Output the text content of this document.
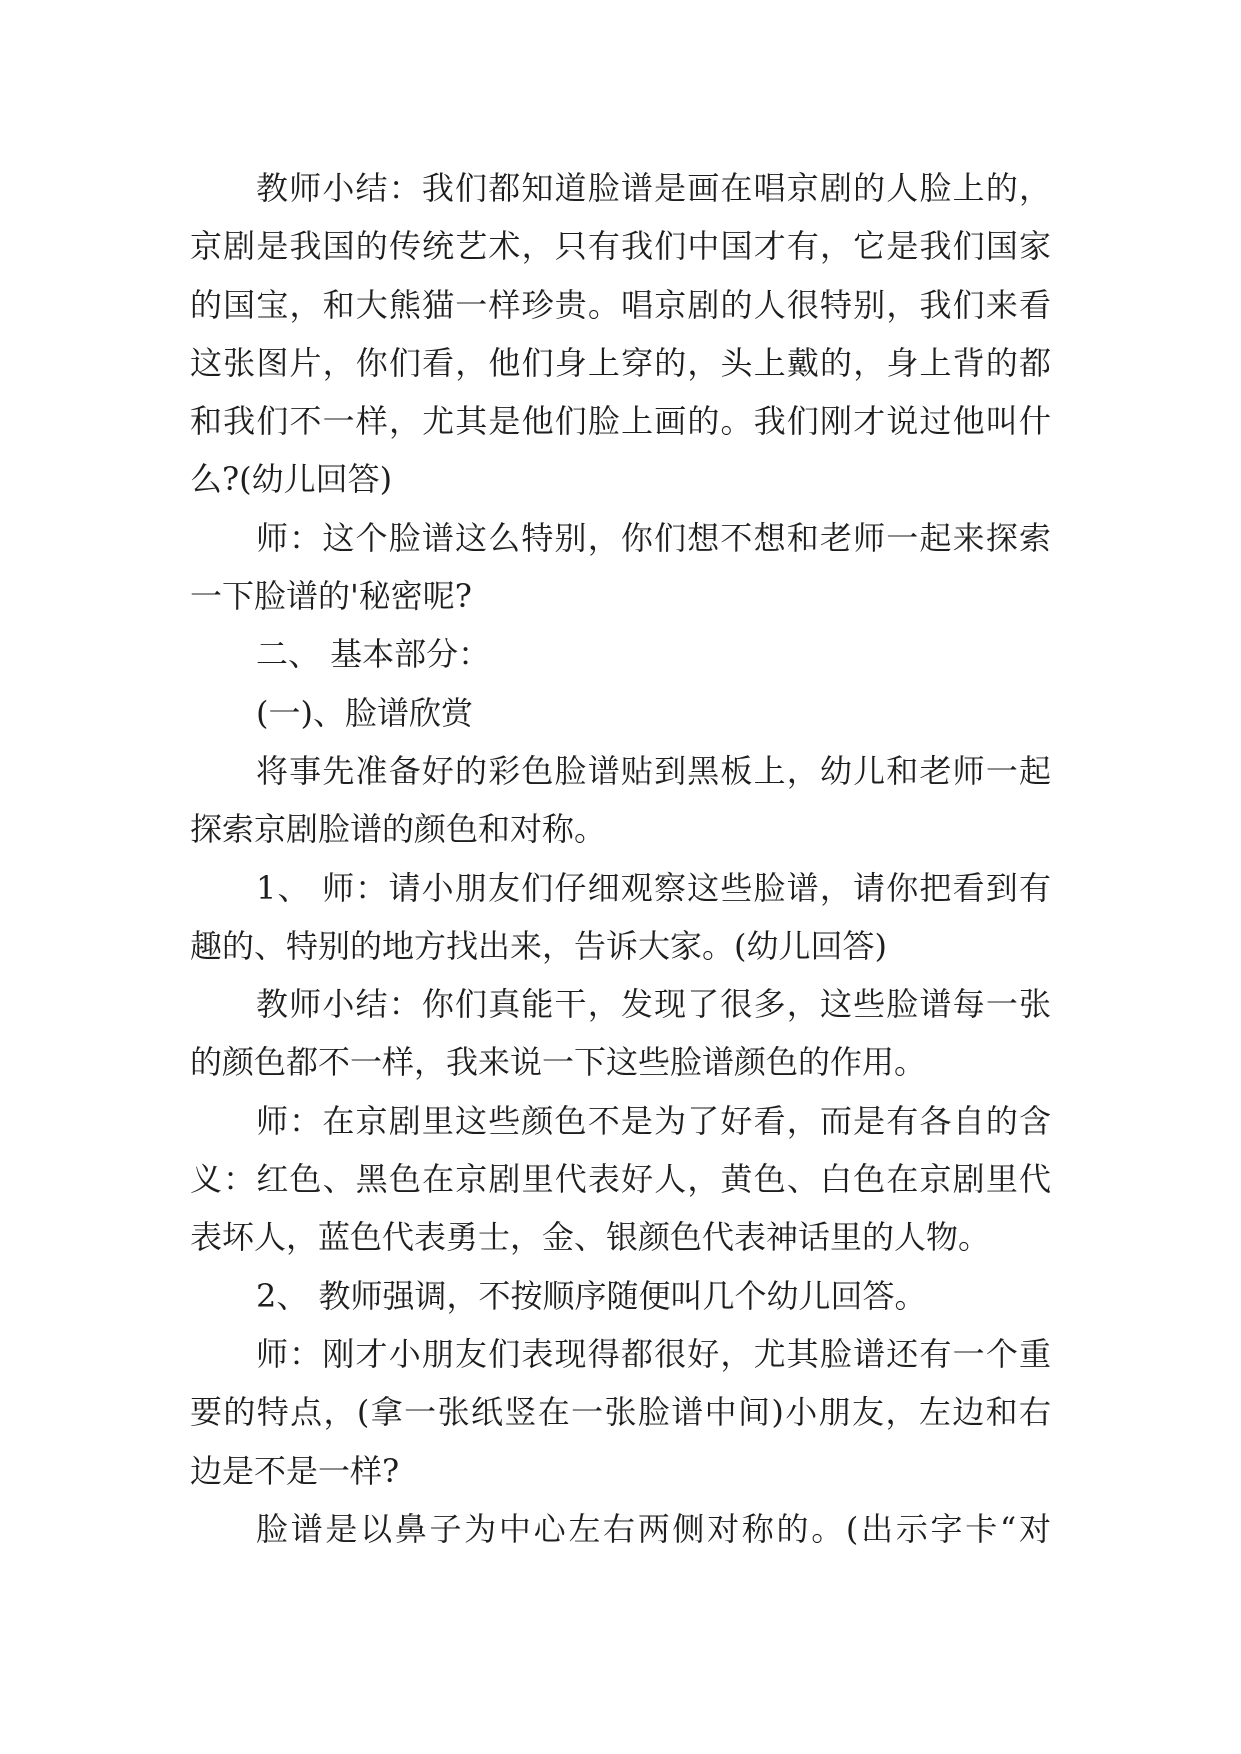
教师小结：我们都知道脸谱是画在唱京剧的人脸上的，
京剧是我国的传统艺术，只有我们中国才有，它是我们国家
的国宝，和大熊猫一样珍贵。唱京剧的人很特别，我们来看
这张图片，你们看，他们身上穿的，头上戴的，身上背的都
和我们不一样，尤其是他们脸上画的。我们刚才说过他叫什
么?(幼儿回答)
师：这个脸谱这么特别，你们想不想和老师一起来探索
一下脸谱的'秘密呢?
二、 基本部分：
(一)、脸谱欣赏
将事先准备好的彩色脸谱贴到黑板上，幼儿和老师一起
探索京剧脸谱的颜色和对称。
1、 师：请小朋友们仔细观察这些脸谱，请你把看到有
趣的、特别的地方找出来，告诉大家。(幼儿回答)
教师小结：你们真能干，发现了很多，这些脸谱每一张
的颜色都不一样，我来说一下这些脸谱颜色的作用。
师：在京剧里这些颜色不是为了好看，而是有各自的含
义：红色、黑色在京剧里代表好人，黄色、白色在京剧里代
表坏人，蓝色代表勇士，金、银颜色代表神话里的人物。
2、 教师强调，不按顺序随便叫几个幼儿回答。
师：刚才小朋友们表现得都很好，尤其脸谱还有一个重
要的特点，(拿一张纸竖在一张脸谱中间)小朋友，左边和右
边是不是一样?
脸谱是以鼻子为中心左右两侧对称的。(出示字卡“对
